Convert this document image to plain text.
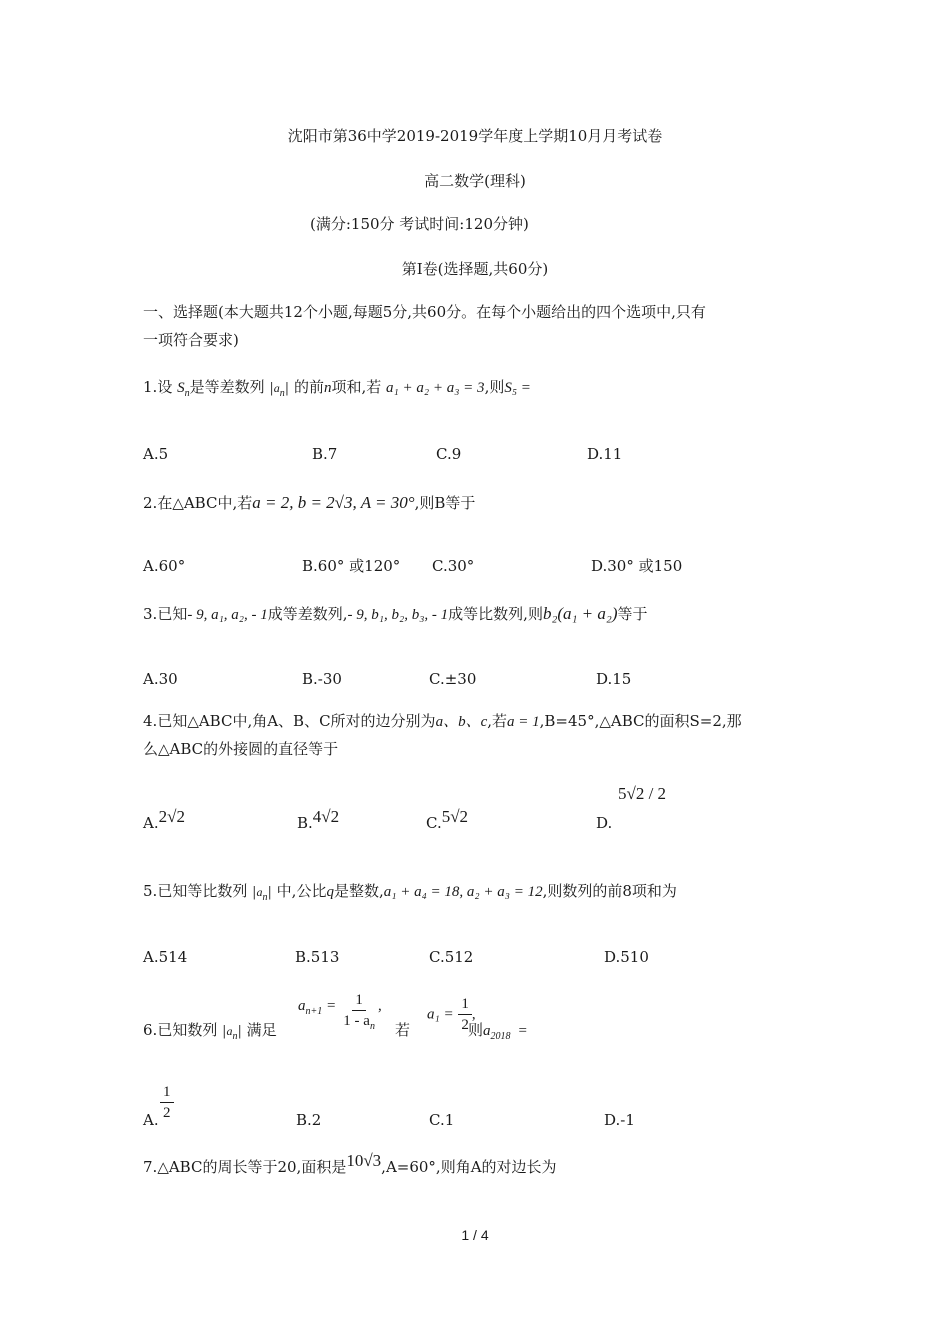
沈阳市第36中学2019-2019学年度上学期10月月考试卷
高二数学(理科)
(满分:150分 考试时间:120分钟)
第Ⅰ卷(选择题,共60分)
一、选择题(本大题共12个小题,每题5分,共60分。在每个小题给出的四个选项中,只有
一项符合要求)
1.设 $S_n$是等差数列 $|a_n|$ 的前n项和,若 a₁ + a₂ + a₃ = 3,则S₅ =
A.5	B.7	C.9	D.11
2.在△ABC中,若a = 2, b = 2√3, A = 30°,则B等于
A.60°	B.60° 或120° C.30°	D.30° 或150
3.已知- 9, a₁, a₂, - 1成等差数列,- 9, b₁, b₂, b₃, - 1成等比数列,则b₂(a₁ + a₂)等于
A.30	B.-30	C.±30	D.15
4.已知△ABC中,角A、B、C所对的边分别为a、b、c,若a = 1,B=45°,△ABC的面积S=2,那
么△ABC的外接圆的直径等于
A.2√2	B.4√2	C.5√2	D.
5√2 / 2
5.已知等比数列 $|a_n|$ 中,公比q是整数,a₁ + a₄ = 18, a₂ + a₃ = 12,则数列的前8项和为
A.514	B.513	C.512	D.510
6.已知数列 $|a_n|$ 满足
$a^{n+1} = \frac{1}{1 - a_n}$ ,
若
$a_1 = \frac{1}{2}$ ,
则$a_{2018}$ =
A. $\frac{1}{2}$	B.2	C.1	D.-1
7.△ABC的周长等于20,面积是10√3,A=60°,则角A的对边长为
1 / 4
